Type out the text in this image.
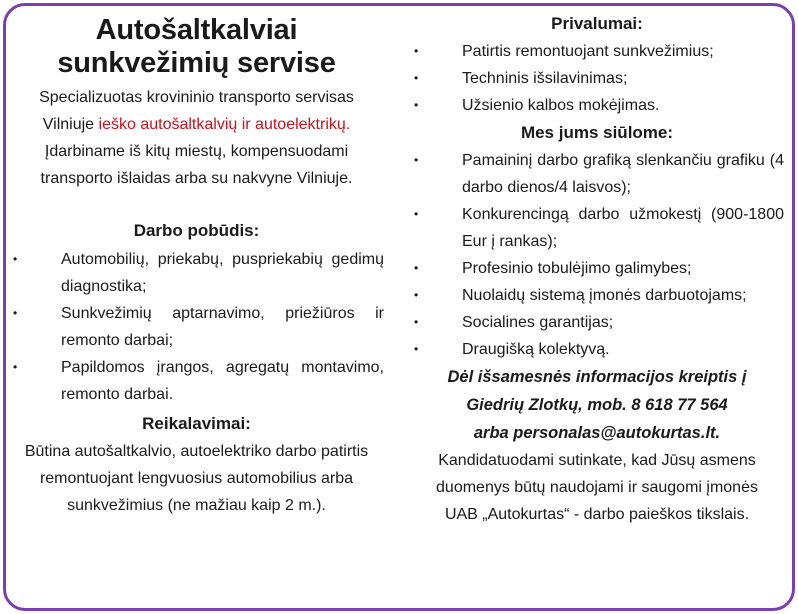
Autošaltkalviai
sunkvežimių servise
Specializuotas krovininio transporto servisas
Vilniuje ieško autošaltkalvių ir autoelektrikų.
Įdarbiname iš kitų miestų, kompensuodami
transporto išlaidas arba su nakvyne Vilniuje.
Darbo pobūdis:
• Automobilių, priekabų, puspriekabių gedimų diagnostika;
• Sunkvežimių aptarnavimo, priežiūros ir remonto darbai;
• Papildomos įrangos, agregatų montavimo, remonto darbai.
Reikalavimai:
Būtina autošaltkalvio, autoelektriko darbo patirtis
remontuojant lengvuosius automobilius arba
sunkvežimius (ne mažiau kaip 2 m.).
Privalumai:
• Patirtis remontuojant sunkvežimius;
• Techninis išsilavinimas;
• Užsienio kalbos mokėjimas.
Mes jums siūlome:
• Pamaininį darbo grafiką slenkančiu grafiku (4 darbo dienos/4 laisvos);
• Konkurencingą darbo užmokestį (900-1800 Eur į rankas);
• Profesinio tobulėjimo galimybes;
• Nuolaidų sistemą įmonės darbuotojams;
• Socialines garantijas;
• Draugišką kolektyvą.
Dėl išsamesnės informacijos kreiptis į
Giedrių Zlotkų, mob. 8 618 77 564
arba personalas@autokurtas.lt.
Kandidatuodami sutinkate, kad Jūsų asmens
duomenys būtų naudojami ir saugomi įmonės
UAB „Autokurtas“ - darbo paieškos tikslais.
